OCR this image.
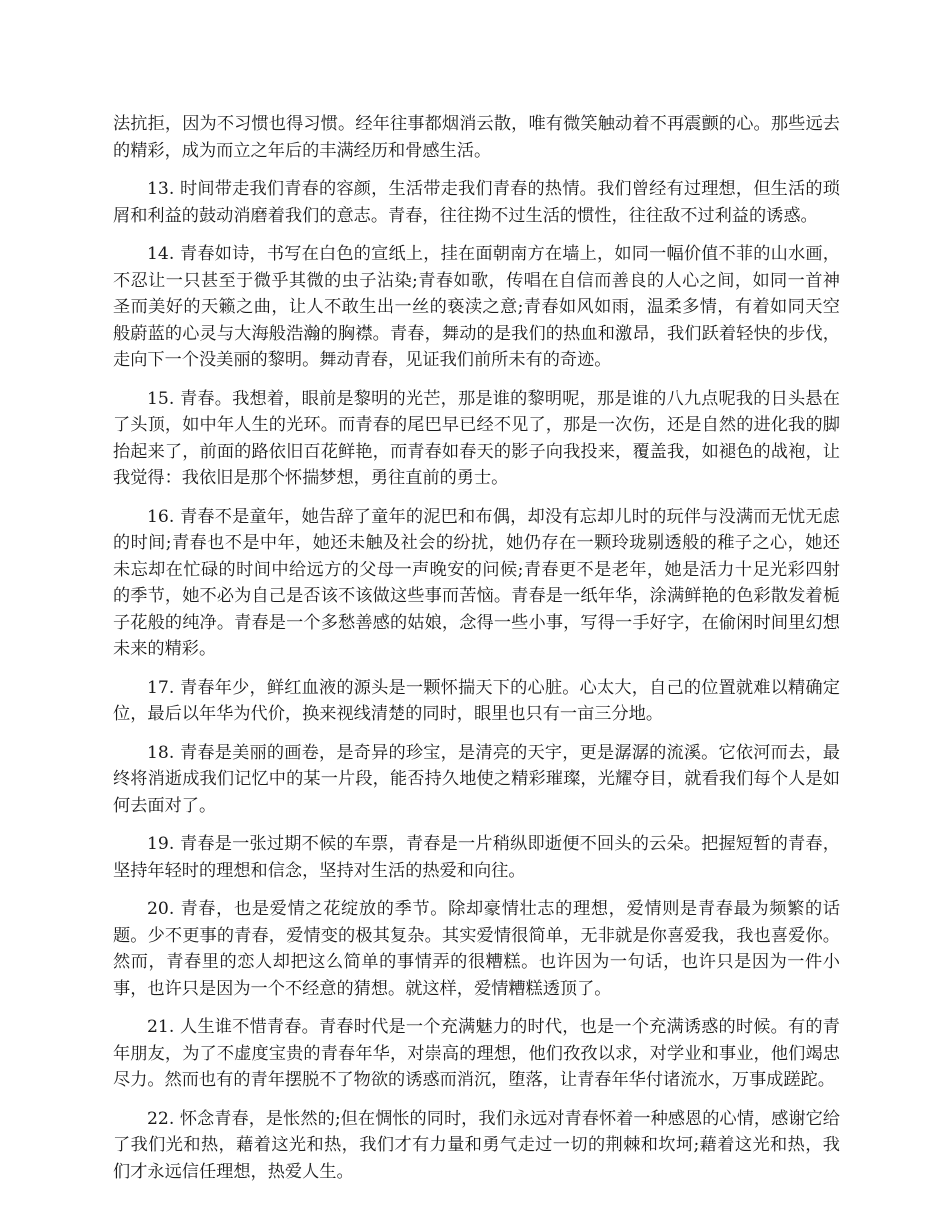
法抗拒，因为不习惯也得习惯。经年往事都烟消云散，唯有微笑触动着不再震颤的心。那些远去的精彩，成为而立之年后的丰满经历和骨感生活。

13. 时间带走我们青春的容颜，生活带走我们青春的热情。我们曾经有过理想，但生活的琐屑和利益的鼓动消磨着我们的意志。青春，往往拗不过生活的惯性，往往敌不过利益的诱惑。

14. 青春如诗，书写在白色的宣纸上，挂在面朝南方在墙上，如同一幅价值不菲的山水画，不忍让一只甚至于微乎其微的虫子沾染;青春如歌，传唱在自信而善良的人心之间，如同一首神圣而美好的天籁之曲，让人不敢生出一丝的亵渎之意;青春如风如雨，温柔多情，有着如同天空般蔚蓝的心灵与大海般浩瀚的胸襟。青春，舞动的是我们的热血和激昂，我们跃着轻快的步伐，走向下一个没美丽的黎明。舞动青春，见证我们前所未有的奇迹。

15. 青春。我想着，眼前是黎明的光芒，那是谁的黎明呢，那是谁的八九点呢我的日头悬在了头顶，如中年人生的光环。而青春的尾巴早已经不见了，那是一次伤，还是自然的进化我的脚抬起来了，前面的路依旧百花鲜艳，而青春如春天的影子向我投来，覆盖我，如褪色的战袍，让我觉得：我依旧是那个怀揣梦想，勇往直前的勇士。

16. 青春不是童年，她告辞了童年的泥巴和布偶，却没有忘却儿时的玩伴与没满而无忧无虑的时间;青春也不是中年，她还未触及社会的纷扰，她仍存在一颗玲珑剔透般的稚子之心，她还未忘却在忙碌的时间中给远方的父母一声晚安的问候;青春更不是老年，她是活力十足光彩四射的季节，她不必为自己是否该不该做这些事而苦恼。青春是一纸年华，涂满鲜艳的色彩散发着栀子花般的纯净。青春是一个多愁善感的姑娘，念得一些小事，写得一手好字，在偷闲时间里幻想未来的精彩。

17. 青春年少，鲜红血液的源头是一颗怀揣天下的心脏。心太大，自己的位置就难以精确定位，最后以年华为代价，换来视线清楚的同时，眼里也只有一亩三分地。

18. 青春是美丽的画卷，是奇异的珍宝，是清亮的天宇，更是潺潺的流溪。它依河而去，最终将消逝成我们记忆中的某一片段，能否持久地使之精彩璀璨，光耀夺目，就看我们每个人是如何去面对了。

19. 青春是一张过期不候的车票，青春是一片稍纵即逝便不回头的云朵。把握短暂的青春，坚持年轻时的理想和信念，坚持对生活的热爱和向往。

20. 青春，也是爱情之花绽放的季节。除却豪情壮志的理想，爱情则是青春最为频繁的话题。少不更事的青春，爱情变的极其复杂。其实爱情很简单，无非就是你喜爱我，我也喜爱你。然而，青春里的恋人却把这么简单的事情弄的很糟糕。也许因为一句话，也许只是因为一件小事，也许只是因为一个不经意的猜想。就这样，爱情糟糕透顶了。

21. 人生谁不惜青春。青春时代是一个充满魅力的时代，也是一个充满诱惑的时候。有的青年朋友，为了不虚度宝贵的青春年华，对崇高的理想，他们孜孜以求，对学业和事业，他们竭忠尽力。然而也有的青年摆脱不了物欲的诱惑而消沉，堕落，让青春年华付诸流水，万事成蹉跎。

22. 怀念青春，是怅然的;但在惆怅的同时，我们永远对青春怀着一种感恩的心情，感谢它给了我们光和热，藉着这光和热，我们才有力量和勇气走过一切的荆棘和坎坷;藉着这光和热，我们才永远信任理想，热爱人生。
